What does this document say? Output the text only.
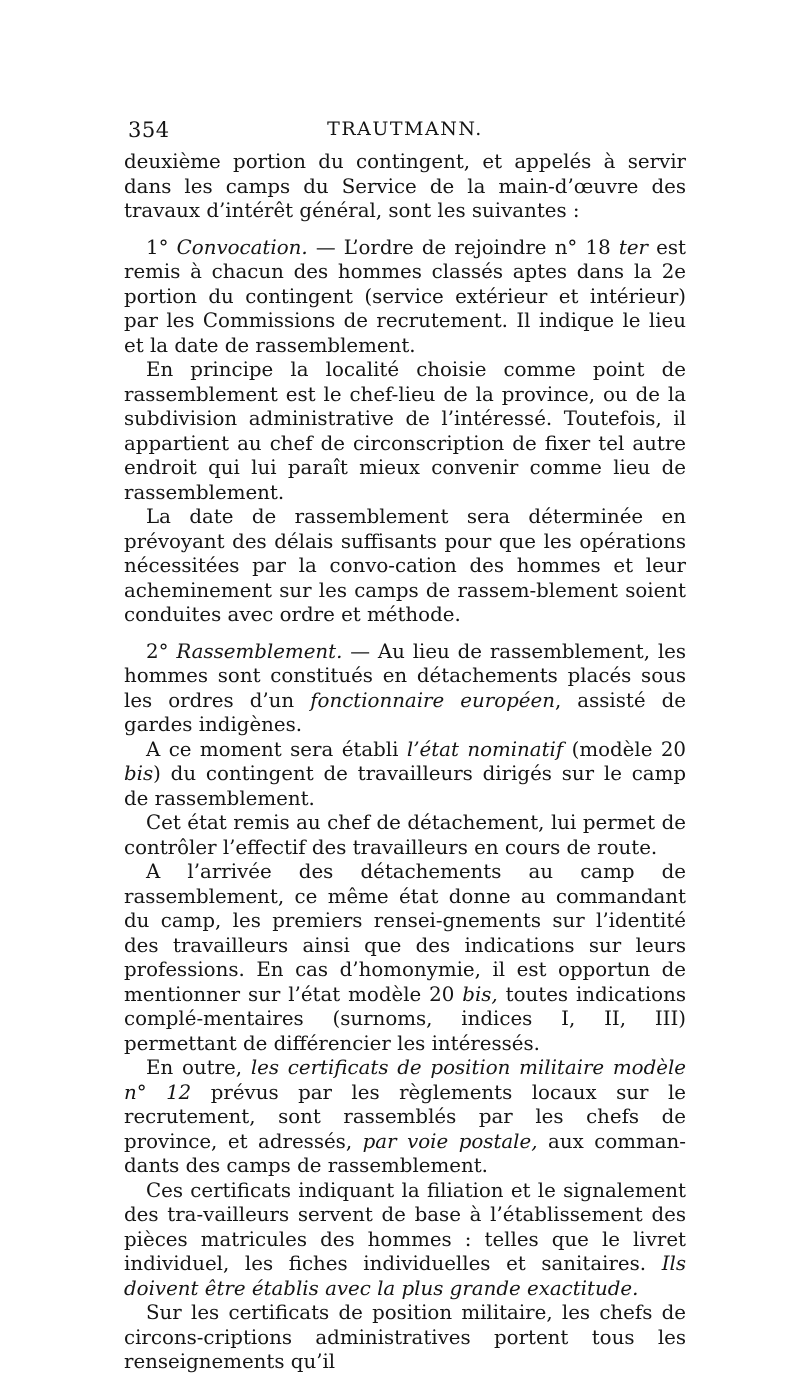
354	TRAUTMANN.

deuxième portion du contingent, et appelés à servir dans les camps du Service de la main-d’œuvre des travaux d’intérêt général, sont les suivantes :

1° Convocation. — L’ordre de rejoindre n° 18 ter est remis à chacun des hommes classés aptes dans la 2e portion du contingent (service extérieur et intérieur) par les Commissions de recrutement. Il indique le lieu et la date de rassemblement.

En principe la localité choisie comme point de rassemblement est le chef-lieu de la province, ou de la subdivision administrative de l’intéressé. Toutefois, il appartient au chef de circonscription de fixer tel autre endroit qui lui paraît mieux convenir comme lieu de rassemblement.

La date de rassemblement sera déterminée en prévoyant des délais suffisants pour que les opérations nécessitées par la convo-cation des hommes et leur acheminement sur les camps de rassem-blement soient conduites avec ordre et méthode.

2° Rassemblement. — Au lieu de rassemblement, les hommes sont constitués en détachements placés sous les ordres d’un fonctionnaire européen, assisté de gardes indigènes.

A ce moment sera établi l’état nominatif (modèle 20 bis) du contingent de travailleurs dirigés sur le camp de rassemblement.

Cet état remis au chef de détachement, lui permet de contrôler l’effectif des travailleurs en cours de route.

A l’arrivée des détachements au camp de rassemblement, ce même état donne au commandant du camp, les premiers rensei-gnements sur l’identité des travailleurs ainsi que des indications sur leurs professions. En cas d’homonymie, il est opportun de mentionner sur l’état modèle 20 bis, toutes indications complé-mentaires (surnoms, indices I, II, III) permettant de différencier les intéressés.

En outre, les certificats de position militaire modèle n° 12 prévus par les règlements locaux sur le recrutement, sont rassemblés par les chefs de province, et adressés, par voie postale, aux comman-dants des camps de rassemblement.

Ces certificats indiquant la filiation et le signalement des tra-vailleurs servent de base à l’établissement des pièces matricules des hommes : telles que le livret individuel, les fiches individuelles et sanitaires. Ils doivent être établis avec la plus grande exactitude.

Sur les certificats de position militaire, les chefs de circons-criptions administratives portent tous les renseignements qu’il
